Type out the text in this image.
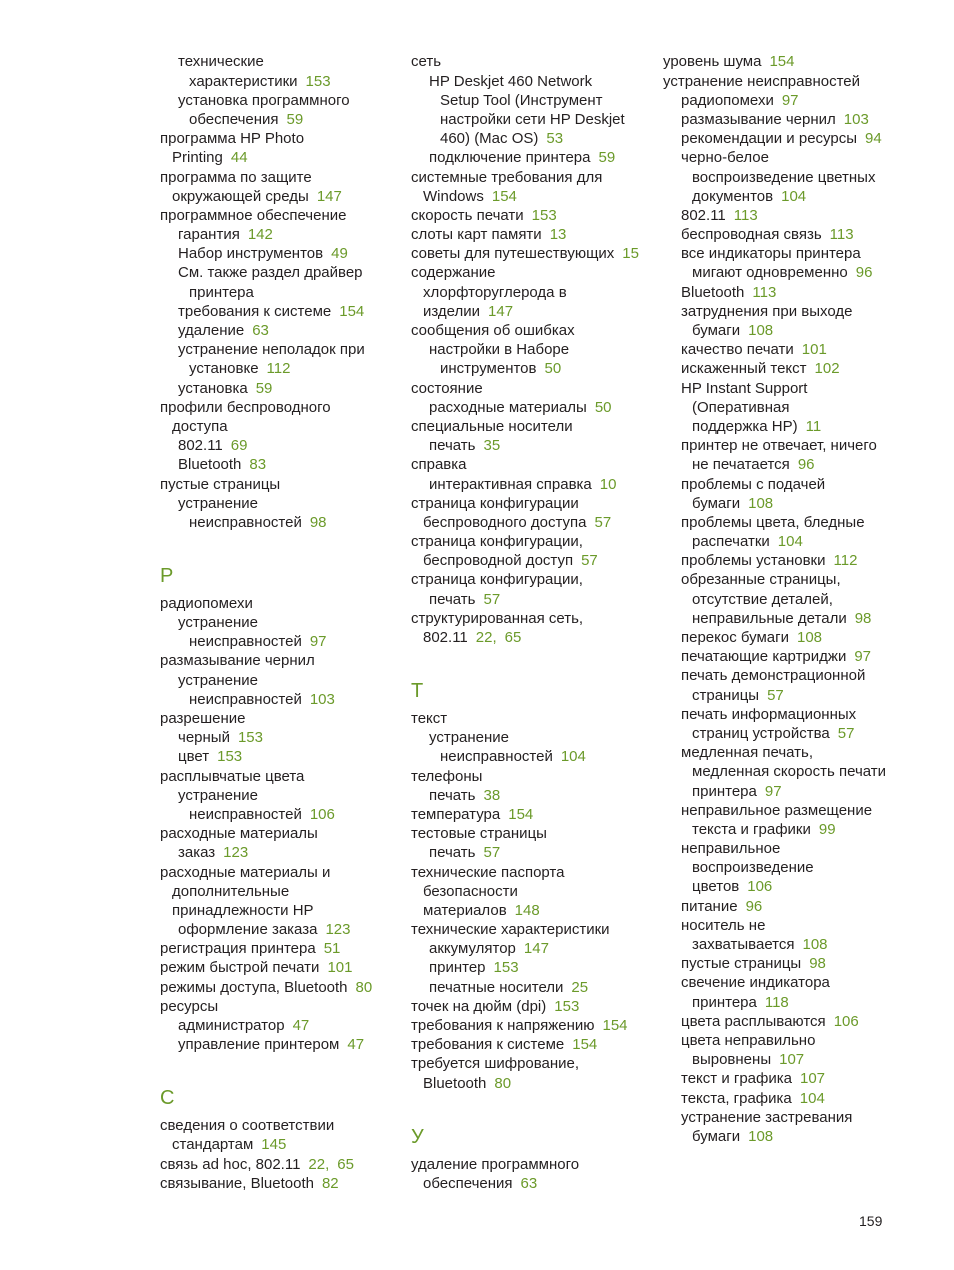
технические
характеристики 153
установка программного
обеспечения 59
программа HP Photo
Printing 44
программа по защите
окружающей среды 147
программное обеспечение
гарантия 142
Набор инструментов 49
См. также раздел драйвер
принтера
требования к системе 154
удаление 63
устранение неполадок при
установке 112
установка 59
профили беспроводного
доступа
802.11 69
Bluetooth 83
пустые страницы
устранение
неисправностей 98
Р
радиопомехи
устранение
неисправностей 97
размазывание чернил
устранение
неисправностей 103
разрешение
черный 153
цвет 153
расплывчатые цвета
устранение
неисправностей 106
расходные материалы
заказ 123
расходные материалы и
дополнительные
принадлежности HP
оформление заказа 123
регистрация принтера 51
режим быстрой печати 101
режимы доступа, Bluetooth 80
ресурсы
администратор 47
управление принтером 47
С
сведения о соответствии
стандартам 145
связь ad hoc, 802.11 22, 65
связывание, Bluetooth 82
сеть
HP Deskjet 460 Network
Setup Tool (Инструмент
настройки сети HP Deskjet
460) (Mac OS) 53
подключение принтера 59
системные требования для
Windows 154
скорость печати 153
слоты карт памяти 13
советы для путешествующих 15
содержание
хлорфторуглерода в
изделии 147
сообщения об ошибках
настройки в Наборе
инструментов 50
состояние
расходные материалы 50
специальные носители
печать 35
справка
интерактивная справка 10
страница конфигурации
беспроводного доступа 57
страница конфигурации,
беспроводной доступ 57
страница конфигурации,
печать 57
структурированная сеть,
802.11 22, 65
Т
текст
устранение
неисправностей 104
телефоны
печать 38
температура 154
тестовые страницы
печать 57
технические паспорта
безопасности
материалов 148
технические характеристики
аккумулятор 147
принтер 153
печатные носители 25
точек на дюйм (dpi) 153
требования к напряжению 154
требования к системе 154
требуется шифрование,
Bluetooth 80
У
удаление программного
обеспечения 63
уровень шума 154
устранение неисправностей
радиопомехи 97
размазывание чернил 103
рекомендации и ресурсы 94
черно-белое
воспроизведение цветных
документов 104
802.11 113
беспроводная связь 113
все индикаторы принтера
мигают одновременно 96
Bluetooth 113
затруднения при выходе
бумаги 108
качество печати 101
искаженный текст 102
HP Instant Support
(Оперативная
поддержка HP) 11
принтер не отвечает, ничего
не печатается 96
проблемы с подачей
бумаги 108
проблемы цвета, бледные
распечатки 104
проблемы установки 112
обрезанные страницы,
отсутствие деталей,
неправильные детали 98
перекос бумаги 108
печатающие картриджи 97
печать демонстрационной
страницы 57
печать информационных
страниц устройства 57
медленная печать,
медленная скорость печати
принтера 97
неправильное размещение
текста и графики 99
неправильное
воспроизведение
цветов 106
питание 96
носитель не
захватывается 108
пустые страницы 98
свечение индикатора
принтера 118
цвета расплываются 106
цвета неправильно
выровнены 107
текст и графика 107
текста, графика 104
устранение застревания
бумаги 108
159
